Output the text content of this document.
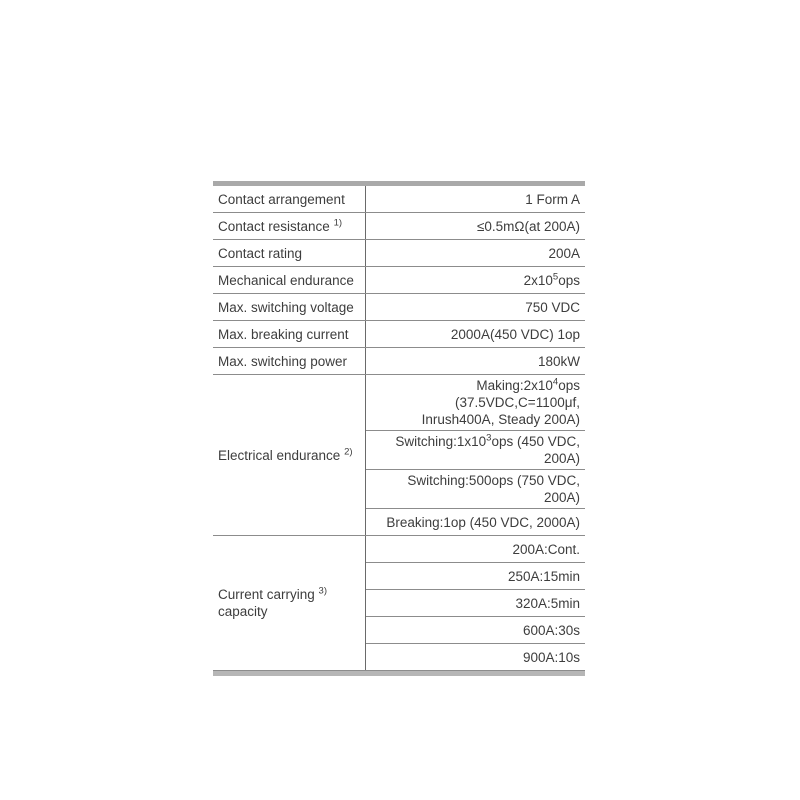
Contact arrangement	1 Form A
Contact resistance $^{1)}$	≤0.5mΩ(at 200A)
Contact rating	200A
Mechanical endurance	$2x10^5ops$
Max. switching voltage	750 VDC
Max. breaking current	2000A(450 VDC) 1op
Max. switching power	180kW
Electrical endurance $^{2)}$	$Making:2x10^4ops$ (37.5VDC,C=1100μf,
Inrush400A, Steady 200A)
	$Switching:1x10^3ops$ (450 VDC, 200A)
	Switching:500ops (750 VDC, 200A)
	Breaking:1op (450 VDC, 2000A)
Current carrying $^{3)}$
capacity	200A:Cont.
	250A:15min
	320A:5min
	600A:30s
	900A:10s
